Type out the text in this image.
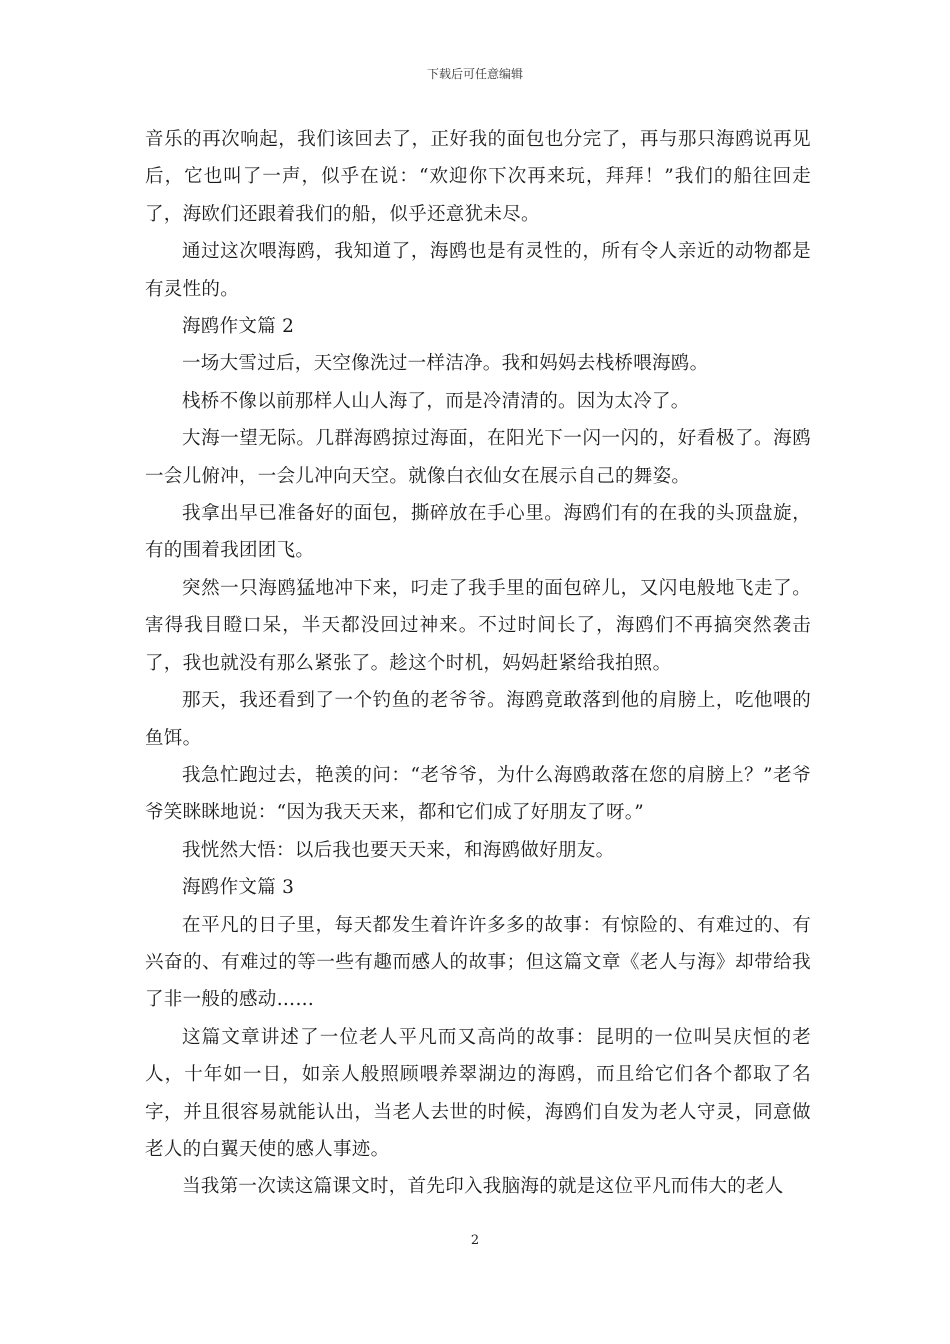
下载后可任意编辑

音乐的再次响起，我们该回去了，正好我的面包也分完了，再与那只海鸥说再见后，它也叫了一声，似乎在说：“欢迎你下次再来玩，拜拜！”我们的船往回走了，海欧们还跟着我们的船，似乎还意犹未尽。

通过这次喂海鸥，我知道了，海鸥也是有灵性的，所有令人亲近的动物都是有灵性的。

海鸥作文篇 2

一场大雪过后，天空像洗过一样洁净。我和妈妈去栈桥喂海鸥。

栈桥不像以前那样人山人海了，而是冷清清的。因为太冷了。

大海一望无际。几群海鸥掠过海面，在阳光下一闪一闪的，好看极了。海鸥一会儿俯冲，一会儿冲向天空。就像白衣仙女在展示自己的舞姿。

我拿出早已准备好的面包，撕碎放在手心里。海鸥们有的在我的头顶盘旋，有的围着我团团飞。

突然一只海鸥猛地冲下来，叼走了我手里的面包碎儿，又闪电般地飞走了。害得我目瞪口呆，半天都没回过神来。不过时间长了，海鸥们不再搞突然袭击了，我也就没有那么紧张了。趁这个时机，妈妈赶紧给我拍照。

那天，我还看到了一个钓鱼的老爷爷。海鸥竟敢落到他的肩膀上，吃他喂的鱼饵。

我急忙跑过去，艳羡的问：“老爷爷，为什么海鸥敢落在您的肩膀上？”老爷爷笑眯眯地说：“因为我天天来，都和它们成了好朋友了呀。”

我恍然大悟：以后我也要天天来，和海鸥做好朋友。

海鸥作文篇 3

在平凡的日子里，每天都发生着许许多多的故事：有惊险的、有难过的、有兴奋的、有难过的等一些有趣而感人的故事；但这篇文章《老人与海》却带给我了非一般的感动……

这篇文章讲述了一位老人平凡而又高尚的故事：昆明的一位叫吴庆恒的老人，十年如一日，如亲人般照顾喂养翠湖边的海鸥，而且给它们各个都取了名字，并且很容易就能认出，当老人去世的时候，海鸥们自发为老人守灵，同意做老人的白翼天使的感人事迹。

当我第一次读这篇课文时，首先印入我脑海的就是这位平凡而伟大的老人

2
